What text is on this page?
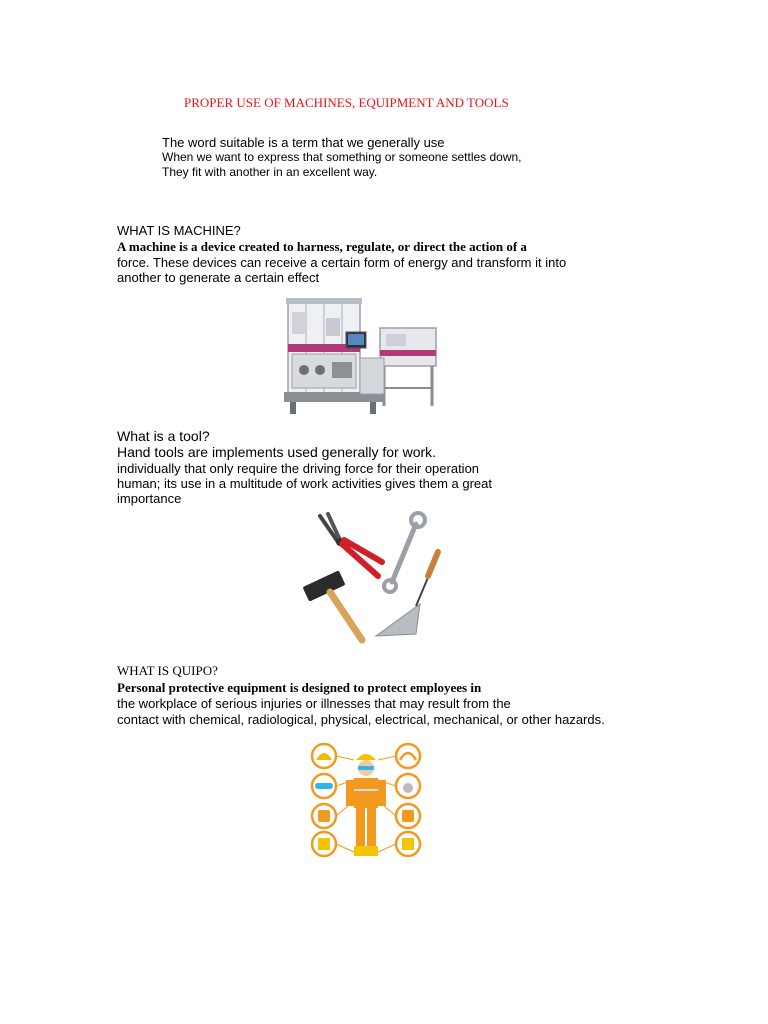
PROPER USE OF MACHINES, EQUIPMENT AND TOOLS
The word suitable is a term that we generally use
When we want to express that something or someone settles down,
They fit with another in an excellent way.
WHAT IS MACHINE?
A machine is a device created to harness, regulate, or direct the action of a
force. These devices can receive a certain form of energy and transform it into
another to generate a certain effect
What is a tool?
Hand tools are implements used generally for work.
individually that only require the driving force for their operation
human; its use in a multitude of work activities gives them a great
importance
WHAT IS QUIPO?
Personal protective equipment is designed to protect employees in
the workplace of serious injuries or illnesses that may result from the
contact with chemical, radiological, physical, electrical, mechanical, or other hazards.
